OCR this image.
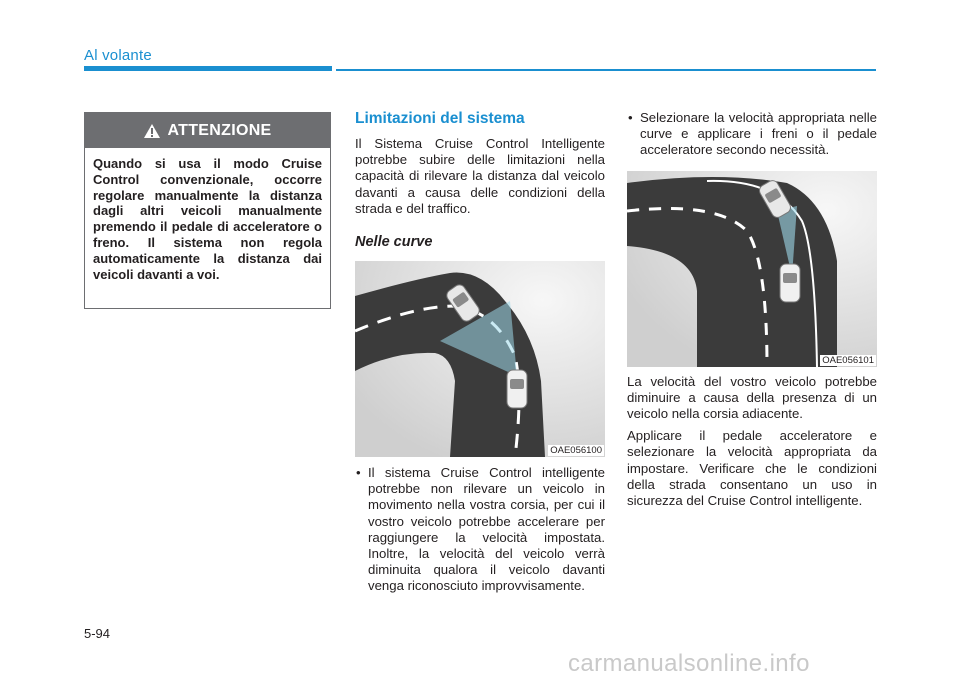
Al volante
ATTENZIONE
Quando si usa il modo Cruise Control convenzionale, occorre regolare manualmente la distanza dagli altri veicoli manualmente premendo il pedale di acceleratore o freno. Il sistema non regola automaticamente la distanza dai veicoli davanti a voi.
Limitazioni del sistema

Il Sistema Cruise Control Intelligente potrebbe subire delle limitazioni nella capacità di rilevare la distanza dal veicolo davanti a causa delle condizioni della strada e del traffico.

Nelle curve
OAE056100

• Il sistema Cruise Control intelligente potrebbe non rilevare un veicolo in movimento nella vostra corsia, per cui il vostro veicolo potrebbe accelerare per raggiungere la velocità impostata. Inoltre, la velocità del veicolo verrà diminuita qualora il veicolo davanti venga riconosciuto improvvisamente.

• Selezionare la velocità appropriata nelle curve e applicare i freni o il pedale acceleratore secondo necessità.

OAE056101

La velocità del vostro veicolo potrebbe diminuire a causa della presenza di un veicolo nella corsia adiacente.

Applicare il pedale acceleratore e selezionare la velocità appropriata da impostare. Verificare che le condizioni della strada consentano un uso in sicurezza del Cruise Control intelligente.

5-94
carmanualsonline.info
